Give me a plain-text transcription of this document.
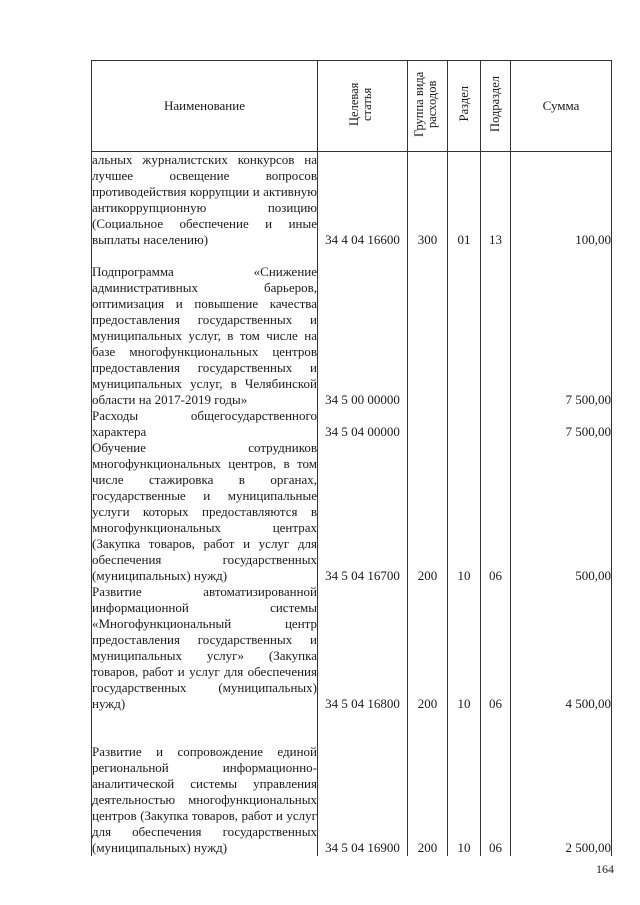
Наименование	Целевая статья	Группа вида расходов	Раздел	Подраздел	Сумма
альных журналистских конкурсов на лучшее освещение вопросов противодействия коррупции и активную антикоррупционную позицию (Социальное обеспечение и иные выплаты населению)	34 4 04 16600	300	01	13	100,00
Подпрограмма «Снижение административных барьеров, оптимизация и повышение качества предоставления государственных и муниципальных услуг, в том числе на базе многофункциональных центров предоставления государственных и муниципальных услуг, в Челябинской области на 2017-2019 годы»	34 5 00 00000				7 500,00
Расходы общегосударственного характера	34 5 04 00000				7 500,00
Обучение сотрудников многофункциональных центров, в том числе стажировка в органах, государственные и муниципальные услуги которых предоставляются в многофункциональных центрах (Закупка товаров, работ и услуг для обеспечения государственных (муниципальных) нужд)	34 5 04 16700	200	10	06	500,00
Развитие автоматизированной информационной системы «Многофункциональный центр предоставления государственных и муниципальных услуг» (Закупка товаров, работ и услуг для обеспечения государственных (муниципальных) нужд)	34 5 04 16800	200	10	06	4 500,00
Развитие и сопровождение единой региональной информационно-аналитической системы управления деятельностью многофункциональных центров (Закупка товаров, работ и услуг для обеспечения государственных (муниципальных) нужд)	34 5 04 16900	200	10	06	2 500,00
164
